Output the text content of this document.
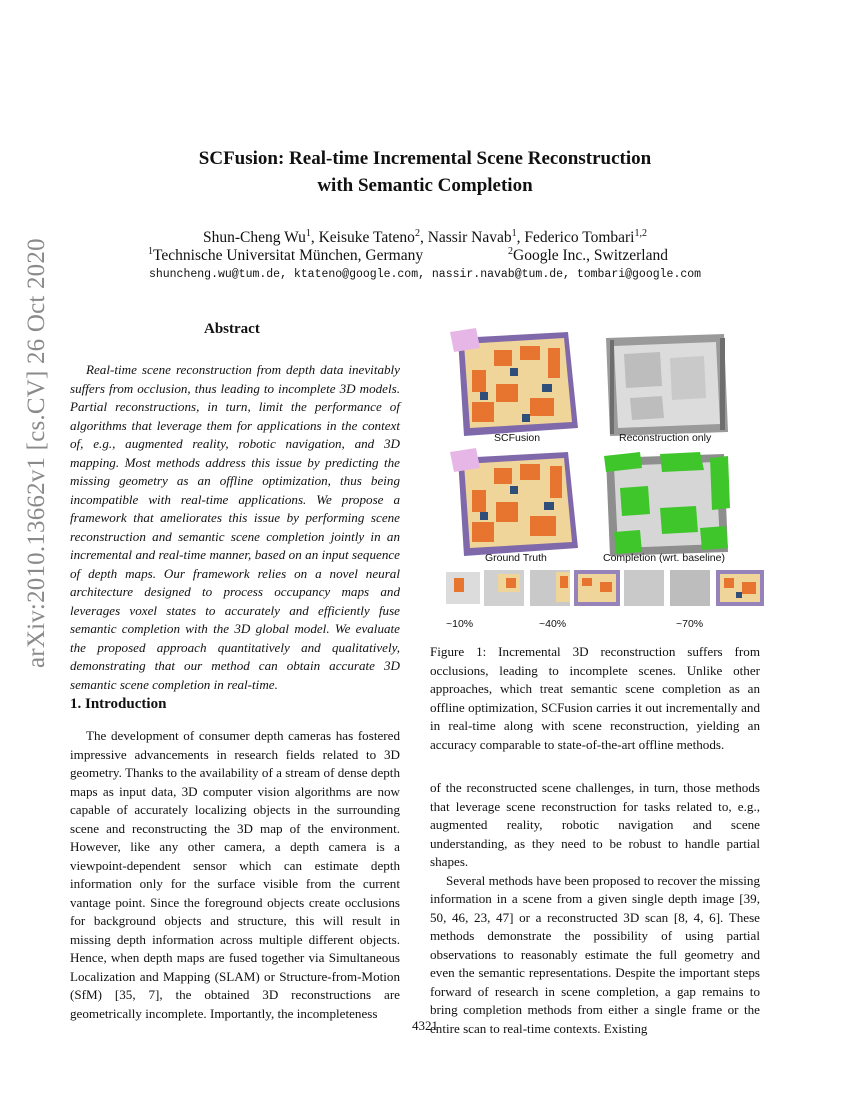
arXiv:2010.13662v1 [cs.CV] 26 Oct 2020
SCFusion: Real-time Incremental Scene Reconstruction
with Semantic Completion
Shun-Cheng Wu$^1$, Keisuke Tateno$^2$, Nassir Navab$^1$, Federico Tombari$^{1,2}$
$^1$Technische Universitat München, Germany	$^2$Google Inc., Switzerland
shuncheng.wu@tum.de, ktateno@google.com, nassir.navab@tum.de, tombari@google.com
Abstract

Real-time scene reconstruction from depth data inevitably suffers from occlusion, thus leading to incomplete 3D models. Partial reconstructions, in turn, limit the performance of algorithms that leverage them for applications in the context of, e.g., augmented reality, robotic navigation, and 3D mapping. Most methods address this issue by predicting the missing geometry as an offline optimization, thus being incompatible with real-time applications. We propose a framework that ameliorates this issue by performing scene reconstruction and semantic scene completion jointly in an incremental and real-time manner, based on an input sequence of depth maps. Our framework relies on a novel neural architecture designed to process occupancy maps and leverages voxel states to accurately and efficiently fuse semantic completion with the 3D global model. We evaluate the proposed approach quantitatively and qualitatively, demonstrating that our method can obtain accurate 3D semantic scene completion in real-time.

1. Introduction

The development of consumer depth cameras has fostered impressive advancements in research fields related to 3D geometry. Thanks to the availability of a stream of dense depth maps as input data, 3D computer vision algorithms are now capable of accurately localizing objects in the surrounding scene and reconstructing the 3D map of the environment. However, like any other camera, a depth camera is a viewpoint-dependent sensor which can estimate depth information only for the surface visible from the current vantage point. Since the foreground objects create occlusions for background objects and structure, this will result in missing depth information across multiple different objects. Hence, when depth maps are fused together via Simultaneous Localization and Mapping (SLAM) or Structure-from-Motion (SfM) [35, 7], the obtained 3D reconstructions are geometrically incomplete. Importantly, the incompleteness

SCFusion	Reconstruction only
Ground Truth	Completion (wrt. baseline)
~10%	~40%	~70%
Figure 1: Incremental 3D reconstruction suffers from occlusions, leading to incomplete scenes. Unlike other approaches, which treat semantic scene completion as an offline optimization, SCFusion carries it out incrementally and in real-time along with scene reconstruction, yielding an accuracy comparable to state-of-the-art offline methods.

of the reconstructed scene challenges, in turn, those methods that leverage scene reconstruction for tasks related to, e.g., augmented reality, robotic navigation and scene understanding, as they need to be robust to handle partial shapes.

Several methods have been proposed to recover the missing information in a scene from a given single depth image [39, 50, 46, 23, 47] or a reconstructed 3D scan [8, 4, 6]. These methods demonstrate the possibility of using partial observations to reasonably estimate the full geometry and even the semantic representations. Despite the important steps forward of research in scene completion, a gap remains to bring completion methods from either a single frame or the entire scan to real-time contexts. Existing

4321
